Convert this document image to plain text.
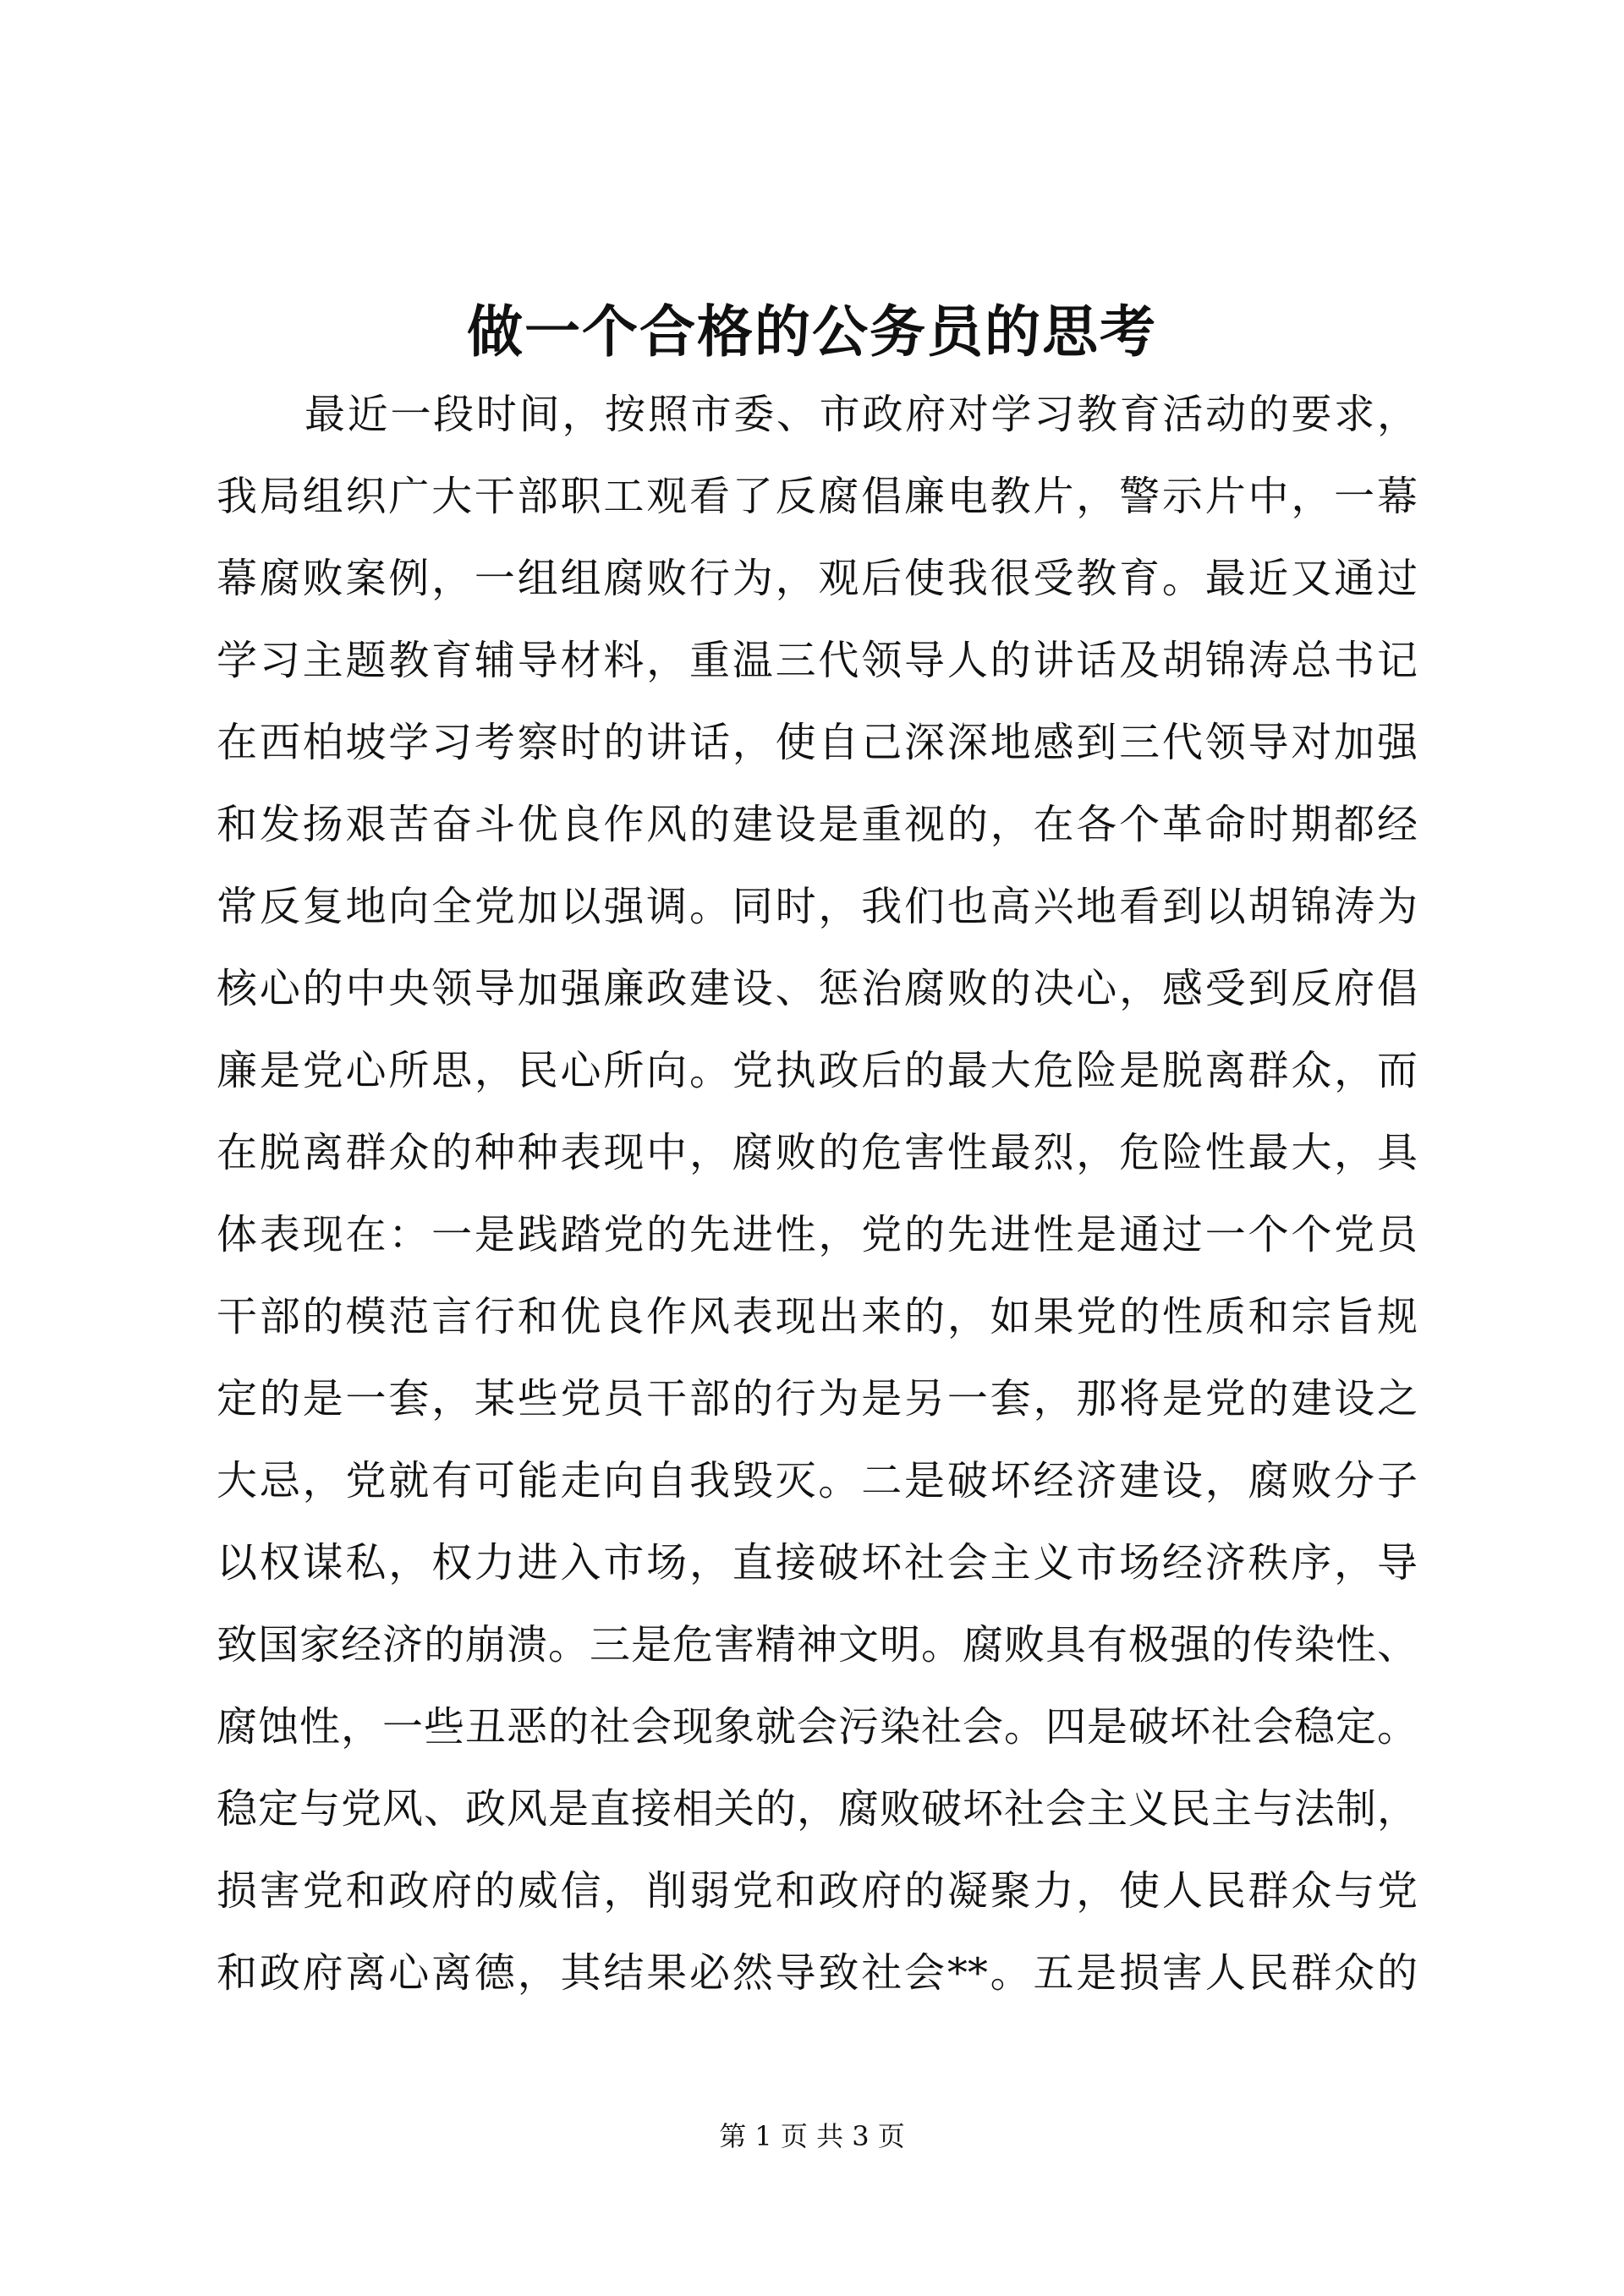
做一个合格的公务员的思考
最近一段时间，按照市委、市政府对学习教育活动的要求，
我局组织广大干部职工观看了反腐倡廉电教片，警示片中，一幕
幕腐败案例，一组组腐败行为，观后使我很受教育。最近又通过
学习主题教育辅导材料，重温三代领导人的讲话及胡锦涛总书记
在西柏坡学习考察时的讲话，使自己深深地感到三代领导对加强
和发扬艰苦奋斗优良作风的建设是重视的，在各个革命时期都经
常反复地向全党加以强调。同时，我们也高兴地看到以胡锦涛为
核心的中央领导加强廉政建设、惩治腐败的决心，感受到反府倡
廉是党心所思，民心所向。党执政后的最大危险是脱离群众，而
在脱离群众的种种表现中，腐败的危害性最烈，危险性最大，具
体表现在：一是践踏党的先进性，党的先进性是通过一个个党员
干部的模范言行和优良作风表现出来的，如果党的性质和宗旨规
定的是一套，某些党员干部的行为是另一套，那将是党的建设之
大忌，党就有可能走向自我毁灭。二是破坏经济建设，腐败分子
以权谋私，权力进入市场，直接破坏社会主义市场经济秩序，导
致国家经济的崩溃。三是危害精神文明。腐败具有极强的传染性、
腐蚀性，一些丑恶的社会现象就会污染社会。四是破坏社会稳定。
稳定与党风、政风是直接相关的，腐败破坏社会主义民主与法制，
损害党和政府的威信，削弱党和政府的凝聚力，使人民群众与党
和政府离心离德，其结果必然导致社会**。五是损害人民群众的
第 1 页 共 3 页
